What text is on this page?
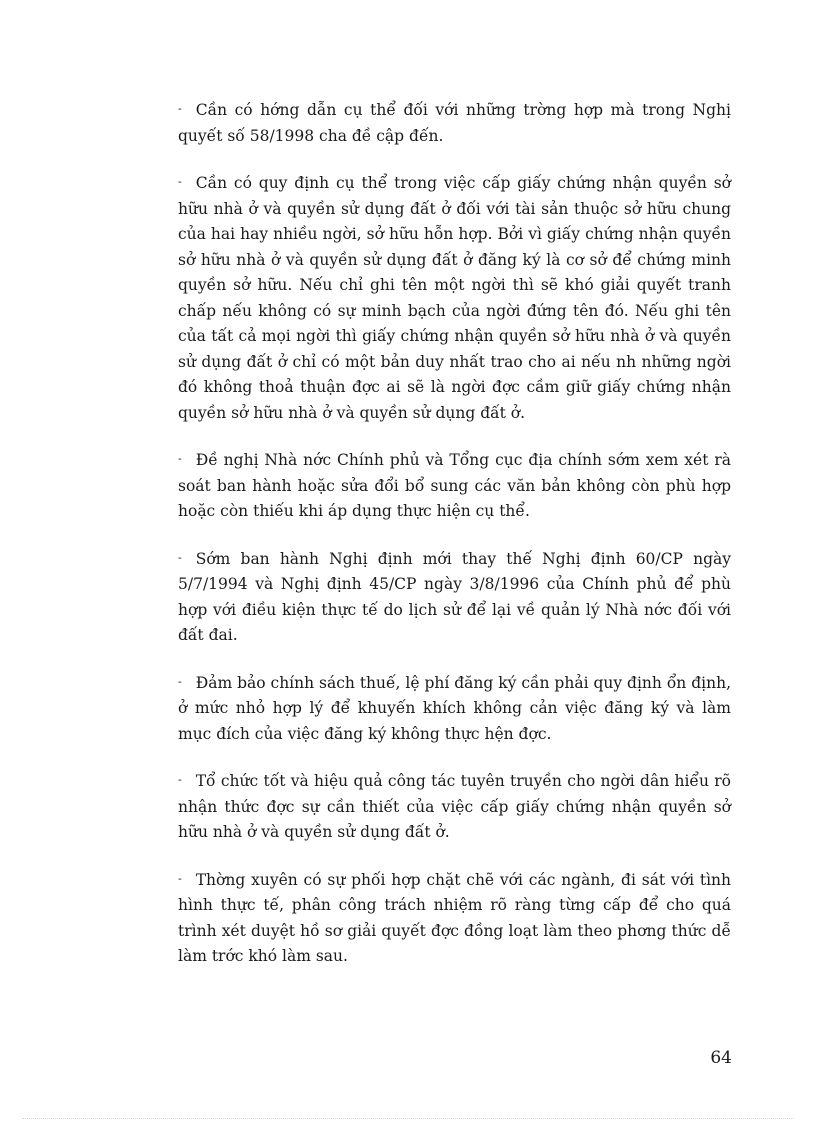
- Cần có hớng dẫn cụ thể đối với những trờng hợp mà trong Nghị quyết số 58/1998 cha đề cập đến.

- Cần có quy định cụ thể trong việc cấp giấy chứng nhận quyền sở hữu nhà ở và quyền sử dụng đất ở đối với tài sản thuộc sở hữu chung của hai hay nhiều ngời, sở hữu hỗn hợp. Bởi vì giấy chứng nhận quyền sở hữu nhà ở và quyền sử dụng đất ở đăng ký là cơ sở để chứng minh quyền sở hữu. Nếu chỉ ghi tên một ngời thì sẽ khó giải quyết tranh chấp nếu không có sự minh bạch của ngời đứng tên đó. Nếu ghi tên của tất cả mọi ngời thì giấy chứng nhận quyền sở hữu nhà ở và quyền sử dụng đất ở chỉ có một bản duy nhất trao cho ai nếu nh những ngời đó không thoả thuận đợc ai sẽ là ngời đợc cầm giữ giấy chứng nhận quyền sở hữu nhà ở và quyền sử dụng đất ở.

- Đề nghị Nhà nớc Chính phủ và Tổng cục địa chính sớm xem xét rà soát ban hành hoặc sửa đổi bổ sung các văn bản không còn phù hợp hoặc còn thiếu khi áp dụng thực hiện cụ thể.

- Sớm ban hành Nghị định mới thay thế Nghị định 60/CP ngày 5/7/1994 và Nghị định 45/CP ngày 3/8/1996 của Chính phủ để phù hợp với điều kiện thực tế do lịch sử để lại về quản lý Nhà nớc đối với đất đai.

- Đảm bảo chính sách thuế, lệ phí đăng ký cần phải quy định ổn định, ở mức nhỏ hợp lý để khuyến khích không cản việc đăng ký và làm mục đích của việc đăng ký không thực hện đợc.

- Tổ chức tốt và hiệu quả công tác tuyên truyền cho ngời dân hiểu rõ nhận thức đợc sự cần thiết của việc cấp giấy chứng nhận quyền sở hữu nhà ở và quyền sử dụng đất ở.

- Thờng xuyên có sự phối hợp chặt chẽ với các ngành, đi sát với tình hình thực tế, phân công trách nhiệm rõ ràng từng cấp để cho quá trình xét duyệt hồ sơ giải quyết đợc đồng loạt làm theo phơng thức dễ làm trớc khó làm sau.

64
